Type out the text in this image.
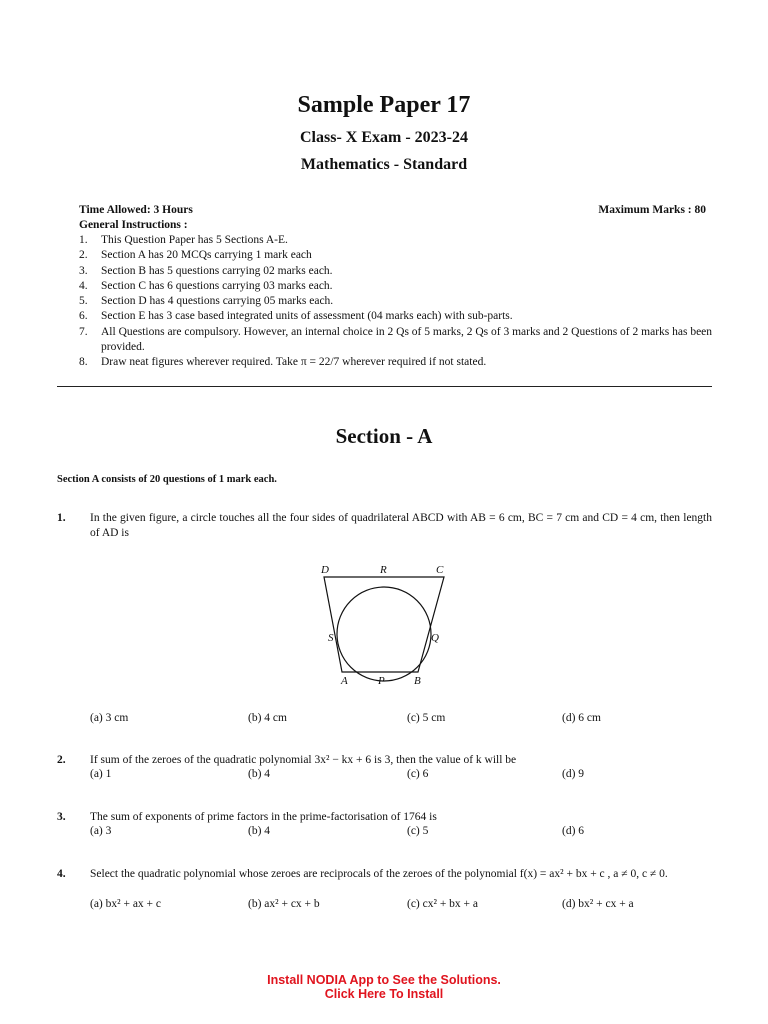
Sample Paper 17
Class- X Exam - 2023-24
Mathematics - Standard
Time Allowed: 3 Hours	Maximum Marks : 80
General Instructions :
1.	This Question Paper has 5 Sections A-E.
2.	Section A has 20 MCQs carrying 1 mark each
3.	Section B has 5 questions carrying 02 marks each.
4.	Section C has 6 questions carrying 03 marks each.
5.	Section D has 4 questions carrying 05 marks each.
6.	Section E has 3 case based integrated units of assessment (04 marks each) with sub-parts.
7.	All Questions are compulsory. However, an internal choice in 2 Qs of 5 marks, 2 Qs of 3 marks and 2 Questions of 2 marks has been provided.
8.	Draw neat figures wherever required. Take π = 22/7 wherever required if not stated.
Section - A
Section A consists of 20 questions of 1 mark each.
1. In the given figure, a circle touches all the four sides of quadrilateral ABCD with AB = 6 cm, BC = 7 cm and CD = 4 cm, then length of AD is
D	R	C
S	Q
A	P	B
(a) 3 cm	(b) 4 cm	(c) 5 cm	(d) 6 cm
2. If sum of the zeroes of the quadratic polynomial 3x² − kx + 6 is 3, then the value of k will be
(a) 1	(b) 4	(c) 6	(d) 9
3. The sum of exponents of prime factors in the prime-factorisation of 1764 is
(a) 3	(b) 4	(c) 5	(d) 6
4. Select the quadratic polynomial whose zeroes are reciprocals of the zeroes of the polynomial f(x) = ax² + bx + c , a ≠ 0, c ≠ 0.
(a) bx² + ax + c	(b) ax² + cx + b	(c) cx² + bx + a	(d) bx² + cx + a
Install NODIA App to See the Solutions.
Click Here To Install
